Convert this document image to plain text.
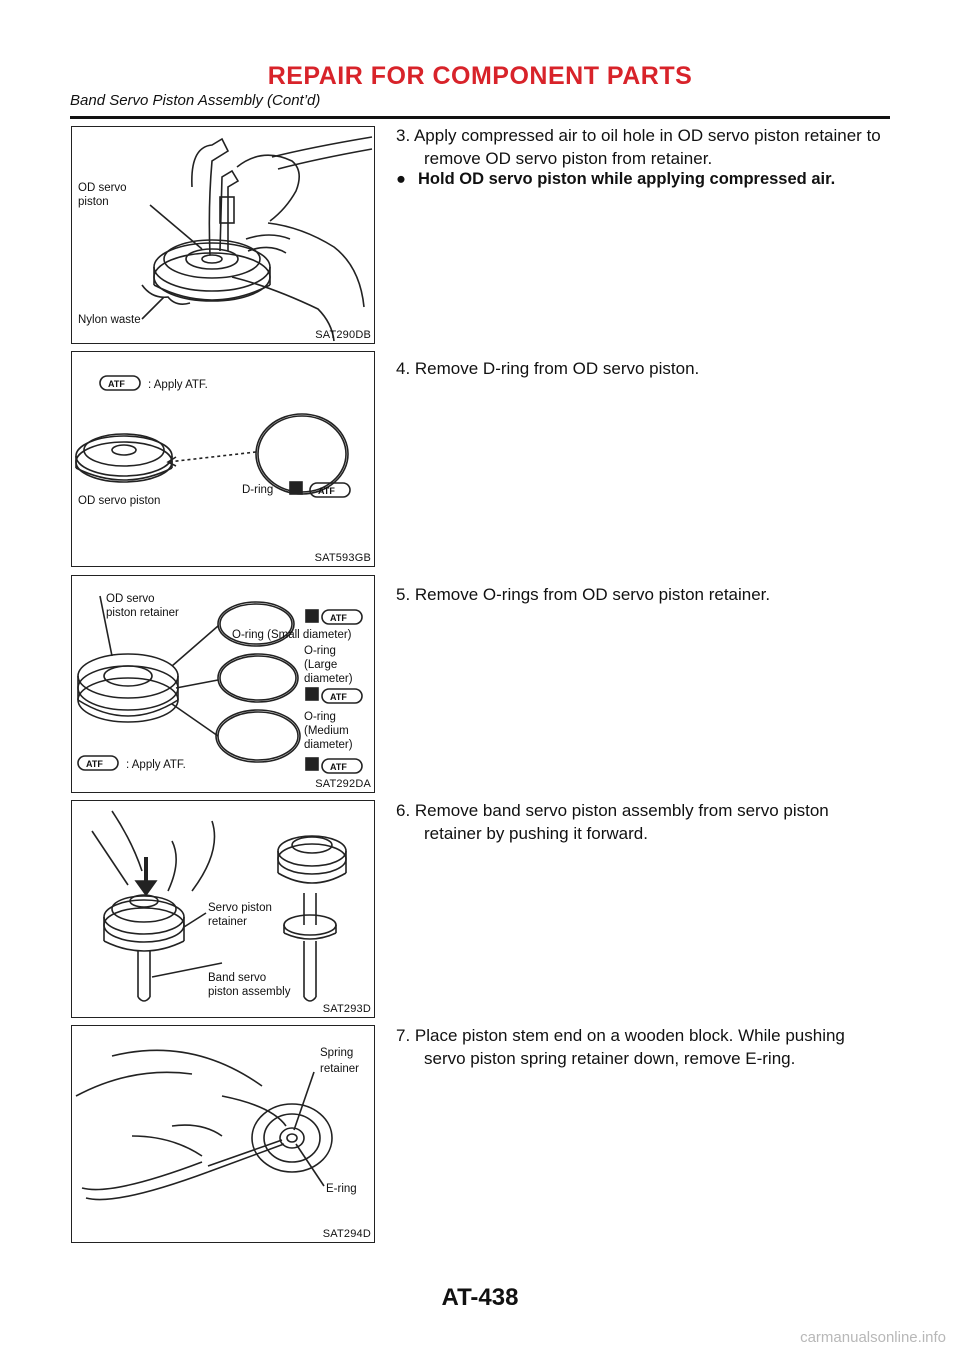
REPAIR FOR COMPONENT PARTS
Band Servo Piston Assembly (Cont’d)
OD servo
piston
Nylon waste
SAT290DB
ATF : Apply ATF.
OD servo piston
D-ring	ATF
SAT593GB
OD servo
piston retainer	ATF
O-ring (Small diameter)
O-ring
(Large
diameter)
ATF
O-ring
(Medium
diameter)
ATF
ATF : Apply ATF.
SAT292DA
Servo piston
retainer
Band servo
piston assembly
SAT293D
Spring
retainer
E-ring
SAT294D
3. Apply compressed air to oil hole in OD servo piston retainer to
remove OD servo piston from retainer.
● Hold OD servo piston while applying compressed air.
4. Remove D-ring from OD servo piston.
5. Remove O-rings from OD servo piston retainer.
6. Remove band servo piston assembly from servo piston
retainer by pushing it forward.
7. Place piston stem end on a wooden block. While pushing
servo piston spring retainer down, remove E-ring.
AT-438
carmanualsonline.info
